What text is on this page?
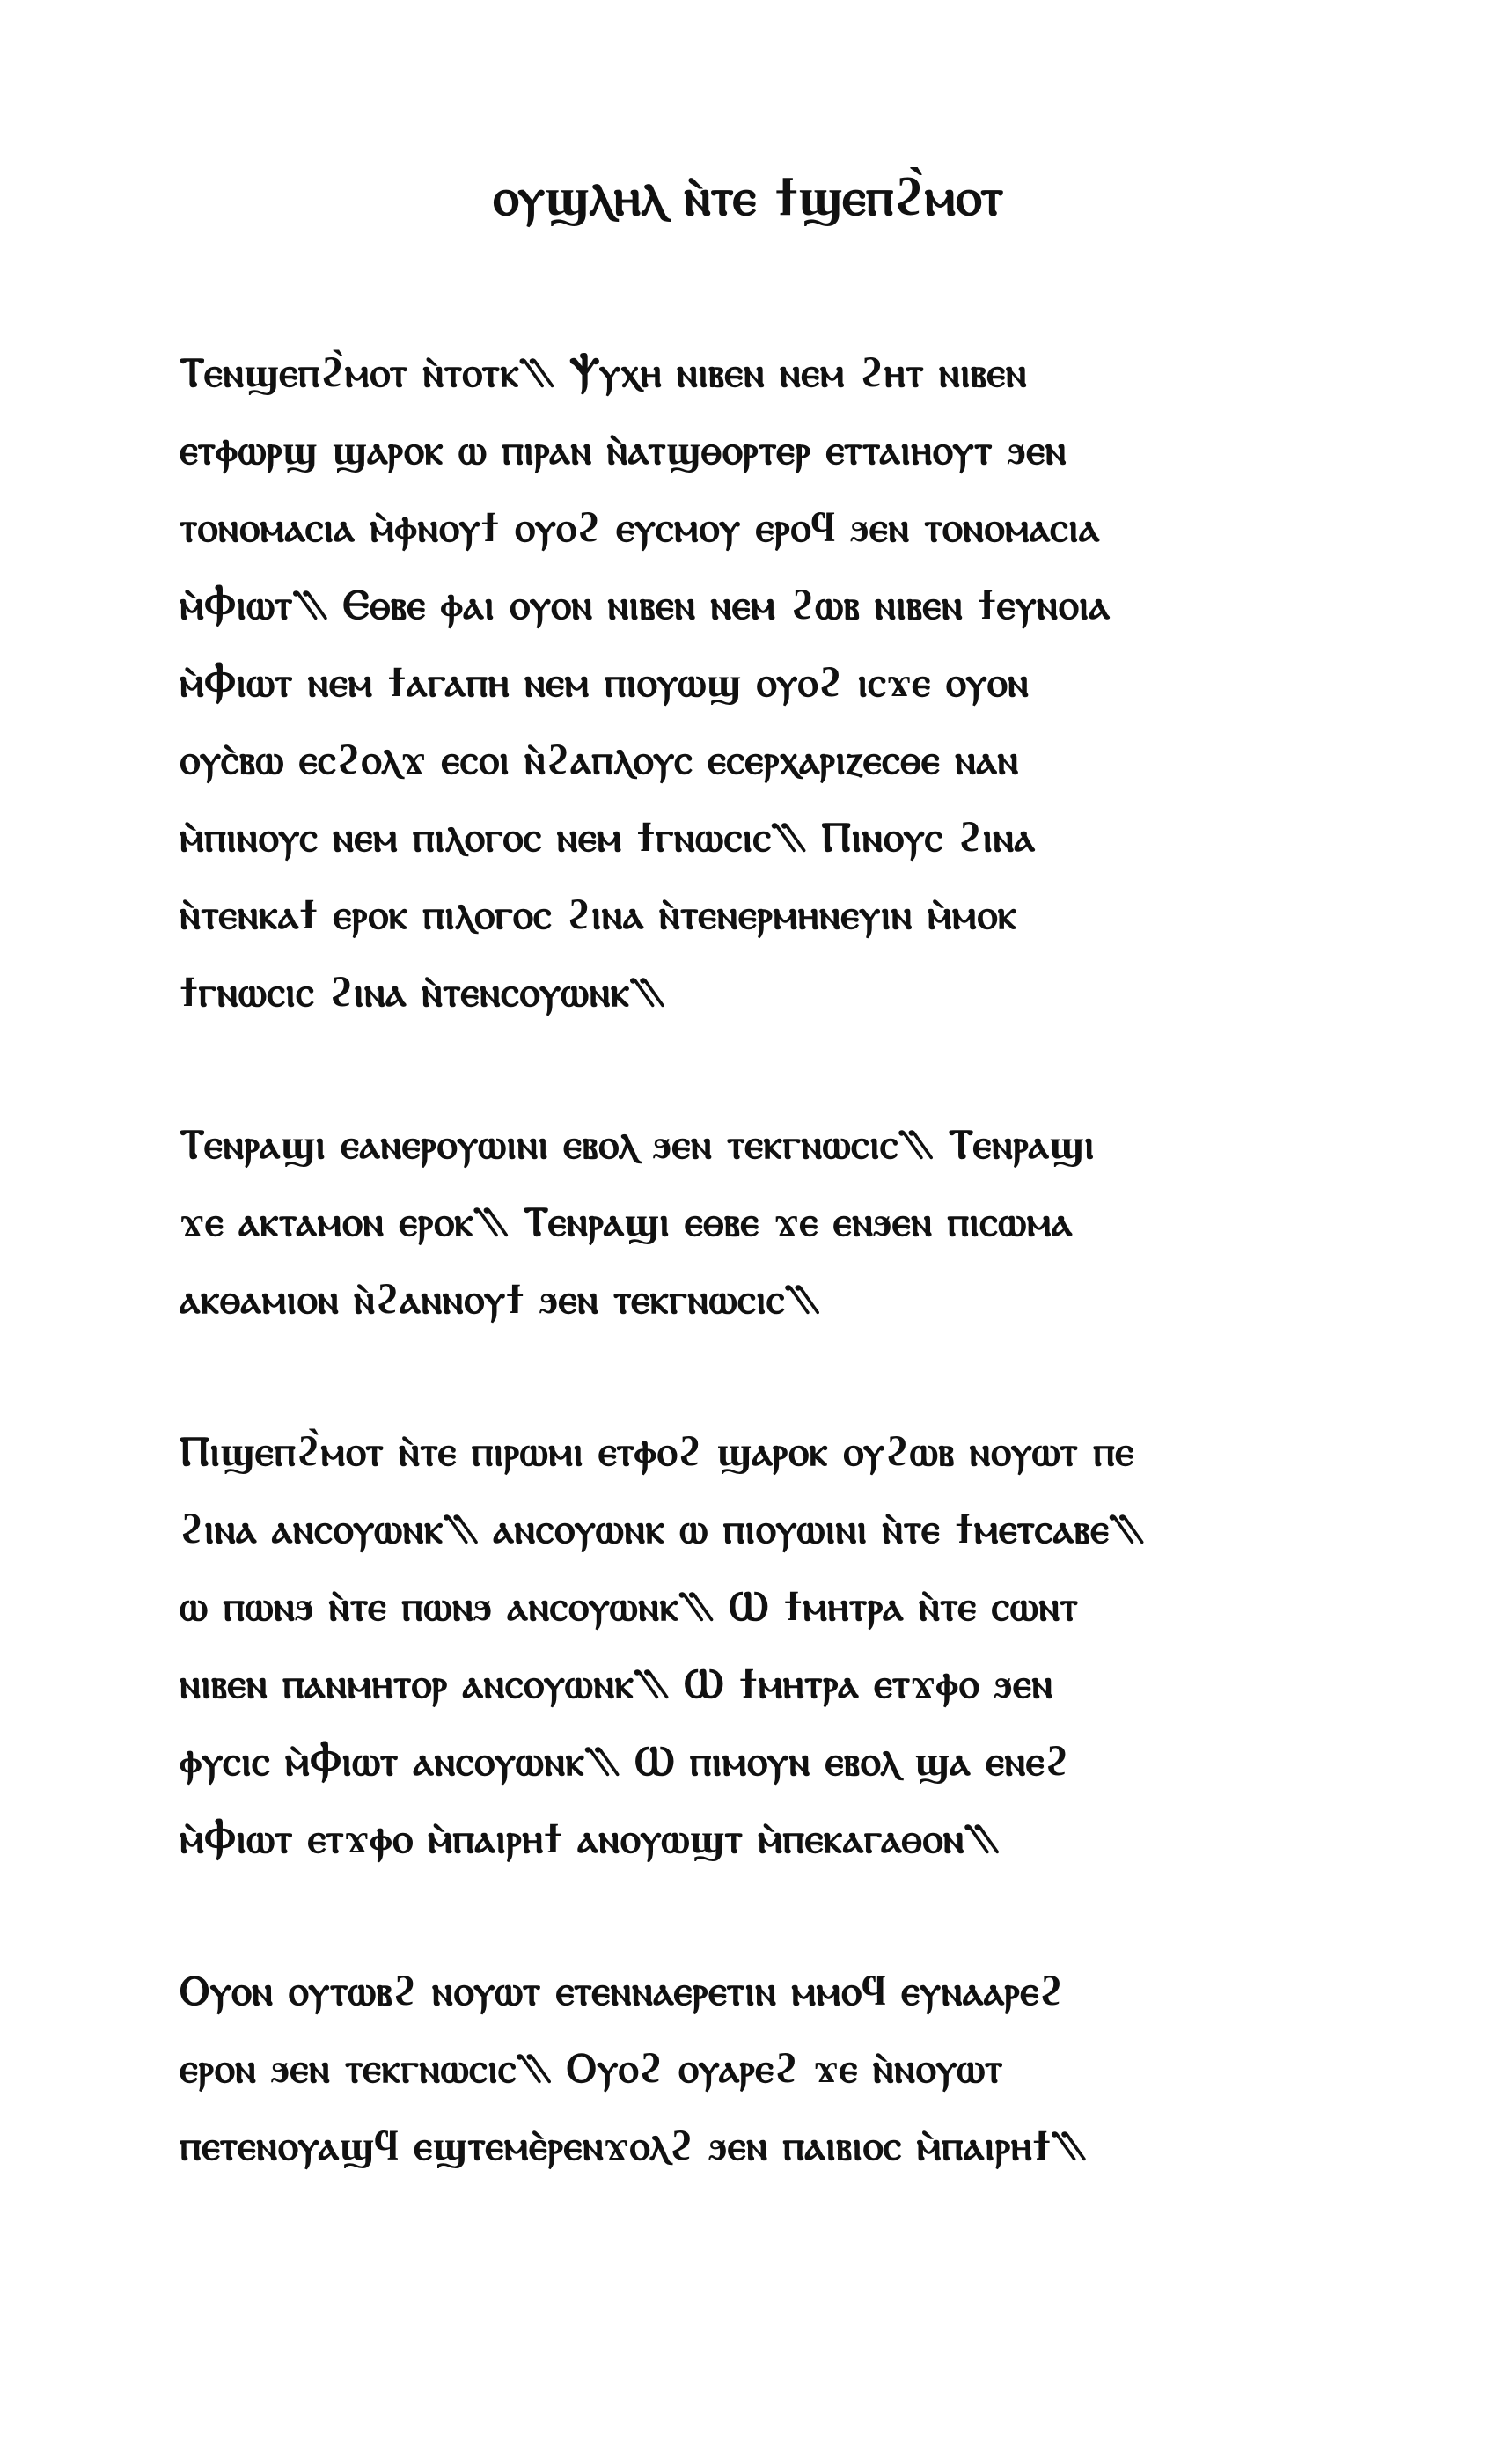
ⲟⲩϣⲗⲏⲗ ⲛ̀ⲧⲉ ϯϣⲉⲡϩ̀ⲙⲟⲧ
Ⲧⲉⲛϣⲉⲡϩ̀ⲙⲟⲧ ⲛ̀ⲧⲟⲧⲕ⳹ Ⲯⲩⲭⲏ ⲛⲓⲃⲉⲛ ⲛⲉⲙ ϩⲏⲧ ⲛⲓⲃⲉⲛ
ⲉⲧⲫⲱⲣϣ ϣⲁⲣⲟⲕ ⲱ ⲡⲓⲣⲁⲛ ⲛ̀ⲁⲧϣⲑⲟⲣⲧⲉⲣ ⲉⲧⲧⲁⲓⲏⲟⲩⲧ ϧⲉⲛ
ⲧⲟⲛⲟⲙⲁⲥⲓⲁ ⲙ̀ⲫⲛⲟⲩϯ ⲟⲩⲟϩ ⲉⲩⲥⲙⲟⲩ ⲉⲣⲟϥ ϧⲉⲛ ⲧⲟⲛⲟⲙⲁⲥⲓⲁ
ⲙ̀Ⲫⲓⲱⲧ⳹ Ⲉⲑⲃⲉ ⲫⲁⲓ ⲟⲩⲟⲛ ⲛⲓⲃⲉⲛ ⲛⲉⲙ ϩⲱⲃ ⲛⲓⲃⲉⲛ ϯⲉⲩⲛⲟⲓⲁ
ⲙ̀Ⲫⲓⲱⲧ ⲛⲉⲙ ϯⲁⲅⲁⲡⲏ ⲛⲉⲙ ⲡⲓⲟⲩⲱϣ ⲟⲩⲟϩ ⲓⲥϫⲉ ⲟⲩⲟⲛ
ⲟⲩⲥ̀ⲃⲱ ⲉⲥϩⲟⲗϫ ⲉⲥⲟⲓ ⲛ̀ϩⲁⲡⲗⲟⲩⲥ ⲉⲥⲉⲣⲭⲁⲣⲓⲍⲉⲥⲑⲉ ⲛⲁⲛ
ⲙ̀ⲡⲓⲛⲟⲩⲥ ⲛⲉⲙ ⲡⲓⲗⲟⲅⲟⲥ ⲛⲉⲙ ϯⲅⲛⲱⲥⲓⲥ⳹ Ⲡⲓⲛⲟⲩⲥ ϩⲓⲛⲁ
ⲛ̀ⲧⲉⲛⲕⲁϯ ⲉⲣⲟⲕ ⲡⲓⲗⲟⲅⲟⲥ ϩⲓⲛⲁ ⲛ̀ⲧⲉⲛⲉⲣⲙⲏⲛⲉⲩⲓⲛ ⲙ̀ⲙⲟⲕ
ϯⲅⲛⲱⲥⲓⲥ ϩⲓⲛⲁ ⲛ̀ⲧⲉⲛⲥⲟⲩⲱⲛⲕ⳹
Ⲧⲉⲛⲣⲁϣⲓ ⲉⲁⲛⲉⲣⲟⲩⲱⲓⲛⲓ ⲉⲃⲟⲗ ϧⲉⲛ ⲧⲉⲕⲅⲛⲱⲥⲓⲥ⳹ Ⲧⲉⲛⲣⲁϣⲓ
ϫⲉ ⲁⲕⲧⲁⲙⲟⲛ ⲉⲣⲟⲕ⳹ Ⲧⲉⲛⲣⲁϣⲓ ⲉⲑⲃⲉ ϫⲉ ⲉⲛϧⲉⲛ ⲡⲓⲥⲱⲙⲁ
ⲁⲕⲑⲁⲙⲓⲟⲛ ⲛ̀ϩⲁⲛⲛⲟⲩϯ ϧⲉⲛ ⲧⲉⲕⲅⲛⲱⲥⲓⲥ⳹
Ⲡⲓϣⲉⲡϩ̀ⲙⲟⲧ ⲛ̀ⲧⲉ ⲡⲓⲣⲱⲙⲓ ⲉⲧⲫⲟϩ ϣⲁⲣⲟⲕ ⲟⲩϩⲱⲃ ⲛⲟⲩⲱⲧ ⲡⲉ
ϩⲓⲛⲁ ⲁⲛⲥⲟⲩⲱⲛⲕ⳹ ⲁⲛⲥⲟⲩⲱⲛⲕ ⲱ ⲡⲓⲟⲩⲱⲓⲛⲓ ⲛ̀ⲧⲉ ϯⲙⲉⲧⲥⲁⲃⲉ⳹
ⲱ ⲡⲱⲛϧ ⲛ̀ⲧⲉ ⲡⲱⲛϧ ⲁⲛⲥⲟⲩⲱⲛⲕ⳹ Ⲱ ϯⲙⲏⲧⲣⲁ ⲛ̀ⲧⲉ ⲥⲱⲛⲧ
ⲛⲓⲃⲉⲛ ⲡⲁⲛⲙⲏⲧⲟⲣ ⲁⲛⲥⲟⲩⲱⲛⲕ⳹ Ⲱ ϯⲙⲏⲧⲣⲁ ⲉⲧϫⲫⲟ ϧⲉⲛ
ⲫⲩⲥⲓⲥ ⲙ̀Ⲫⲓⲱⲧ ⲁⲛⲥⲟⲩⲱⲛⲕ⳹ Ⲱ ⲡⲓⲙⲟⲩⲛ ⲉⲃⲟⲗ ϣⲁ ⲉⲛⲉϩ
ⲙ̀Ⲫⲓⲱⲧ ⲉⲧϫⲫⲟ ⲙ̀ⲡⲁⲓⲣⲏϯ ⲁⲛⲟⲩⲱϣⲧ ⲙ̀ⲡⲉⲕⲁⲅⲁⲑⲟⲛ⳹
Ⲟⲩⲟⲛ ⲟⲩⲧⲱⲃϩ ⲛⲟⲩⲱⲧ ⲉⲧⲉⲛⲛⲁⲉⲣⲉⲧⲓⲛ ⲙⲙⲟϥ ⲉⲩⲛⲁⲁⲣⲉϩ
ⲉⲣⲟⲛ ϧⲉⲛ ⲧⲉⲕⲅⲛⲱⲥⲓⲥ⳹ Ⲟⲩⲟϩ ⲟⲩⲁⲣⲉϩ ϫⲉ ⲛ̀ⲛⲟⲩⲱⲧ
ⲡⲉⲧⲉⲛⲟⲩⲁϣϥ ⲉϣⲧⲉⲙⲉ̀ⲣⲉⲛϫⲟⲗϩ ϧⲉⲛ ⲡⲁⲓⲃⲓⲟⲥ ⲙ̀ⲡⲁⲓⲣⲏϯ⳹
